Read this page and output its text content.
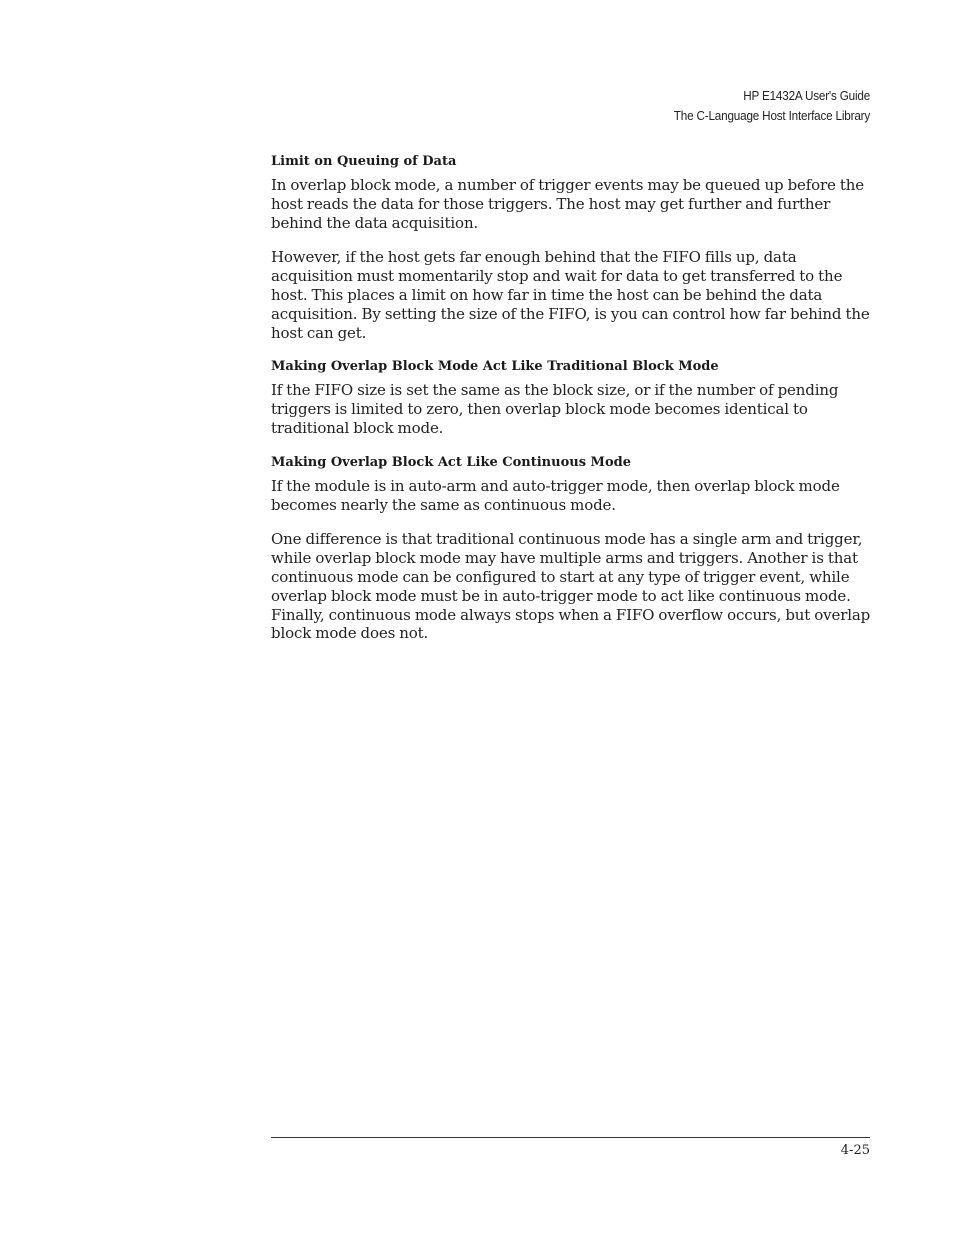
HP E1432A User's Guide
The C-Language Host Interface Library
Limit on Queuing of Data

In overlap block mode, a number of trigger events may be queued up before the host reads the data for those triggers. The host may get further and further behind the data acquisition.

However, if the host gets far enough behind that the FIFO fills up, data acquisition must momentarily stop and wait for data to get transferred to the host. This places a limit on how far in time the host can be behind the data acquisition. By setting the size of the FIFO, is you can control how far behind the host can get.

Making Overlap Block Mode Act Like Traditional Block Mode

If the FIFO size is set the same as the block size, or if the number of pending triggers is limited to zero, then overlap block mode becomes identical to traditional block mode.

Making Overlap Block Act Like Continuous Mode

If the module is in auto-arm and auto-trigger mode, then overlap block mode becomes nearly the same as continuous mode.

One difference is that traditional continuous mode has a single arm and trigger, while overlap block mode may have multiple arms and triggers. Another is that continuous mode can be configured to start at any type of trigger event, while overlap block mode must be in auto-trigger mode to act like continuous mode. Finally, continuous mode always stops when a FIFO overflow occurs, but overlap block mode does not.

4-25
